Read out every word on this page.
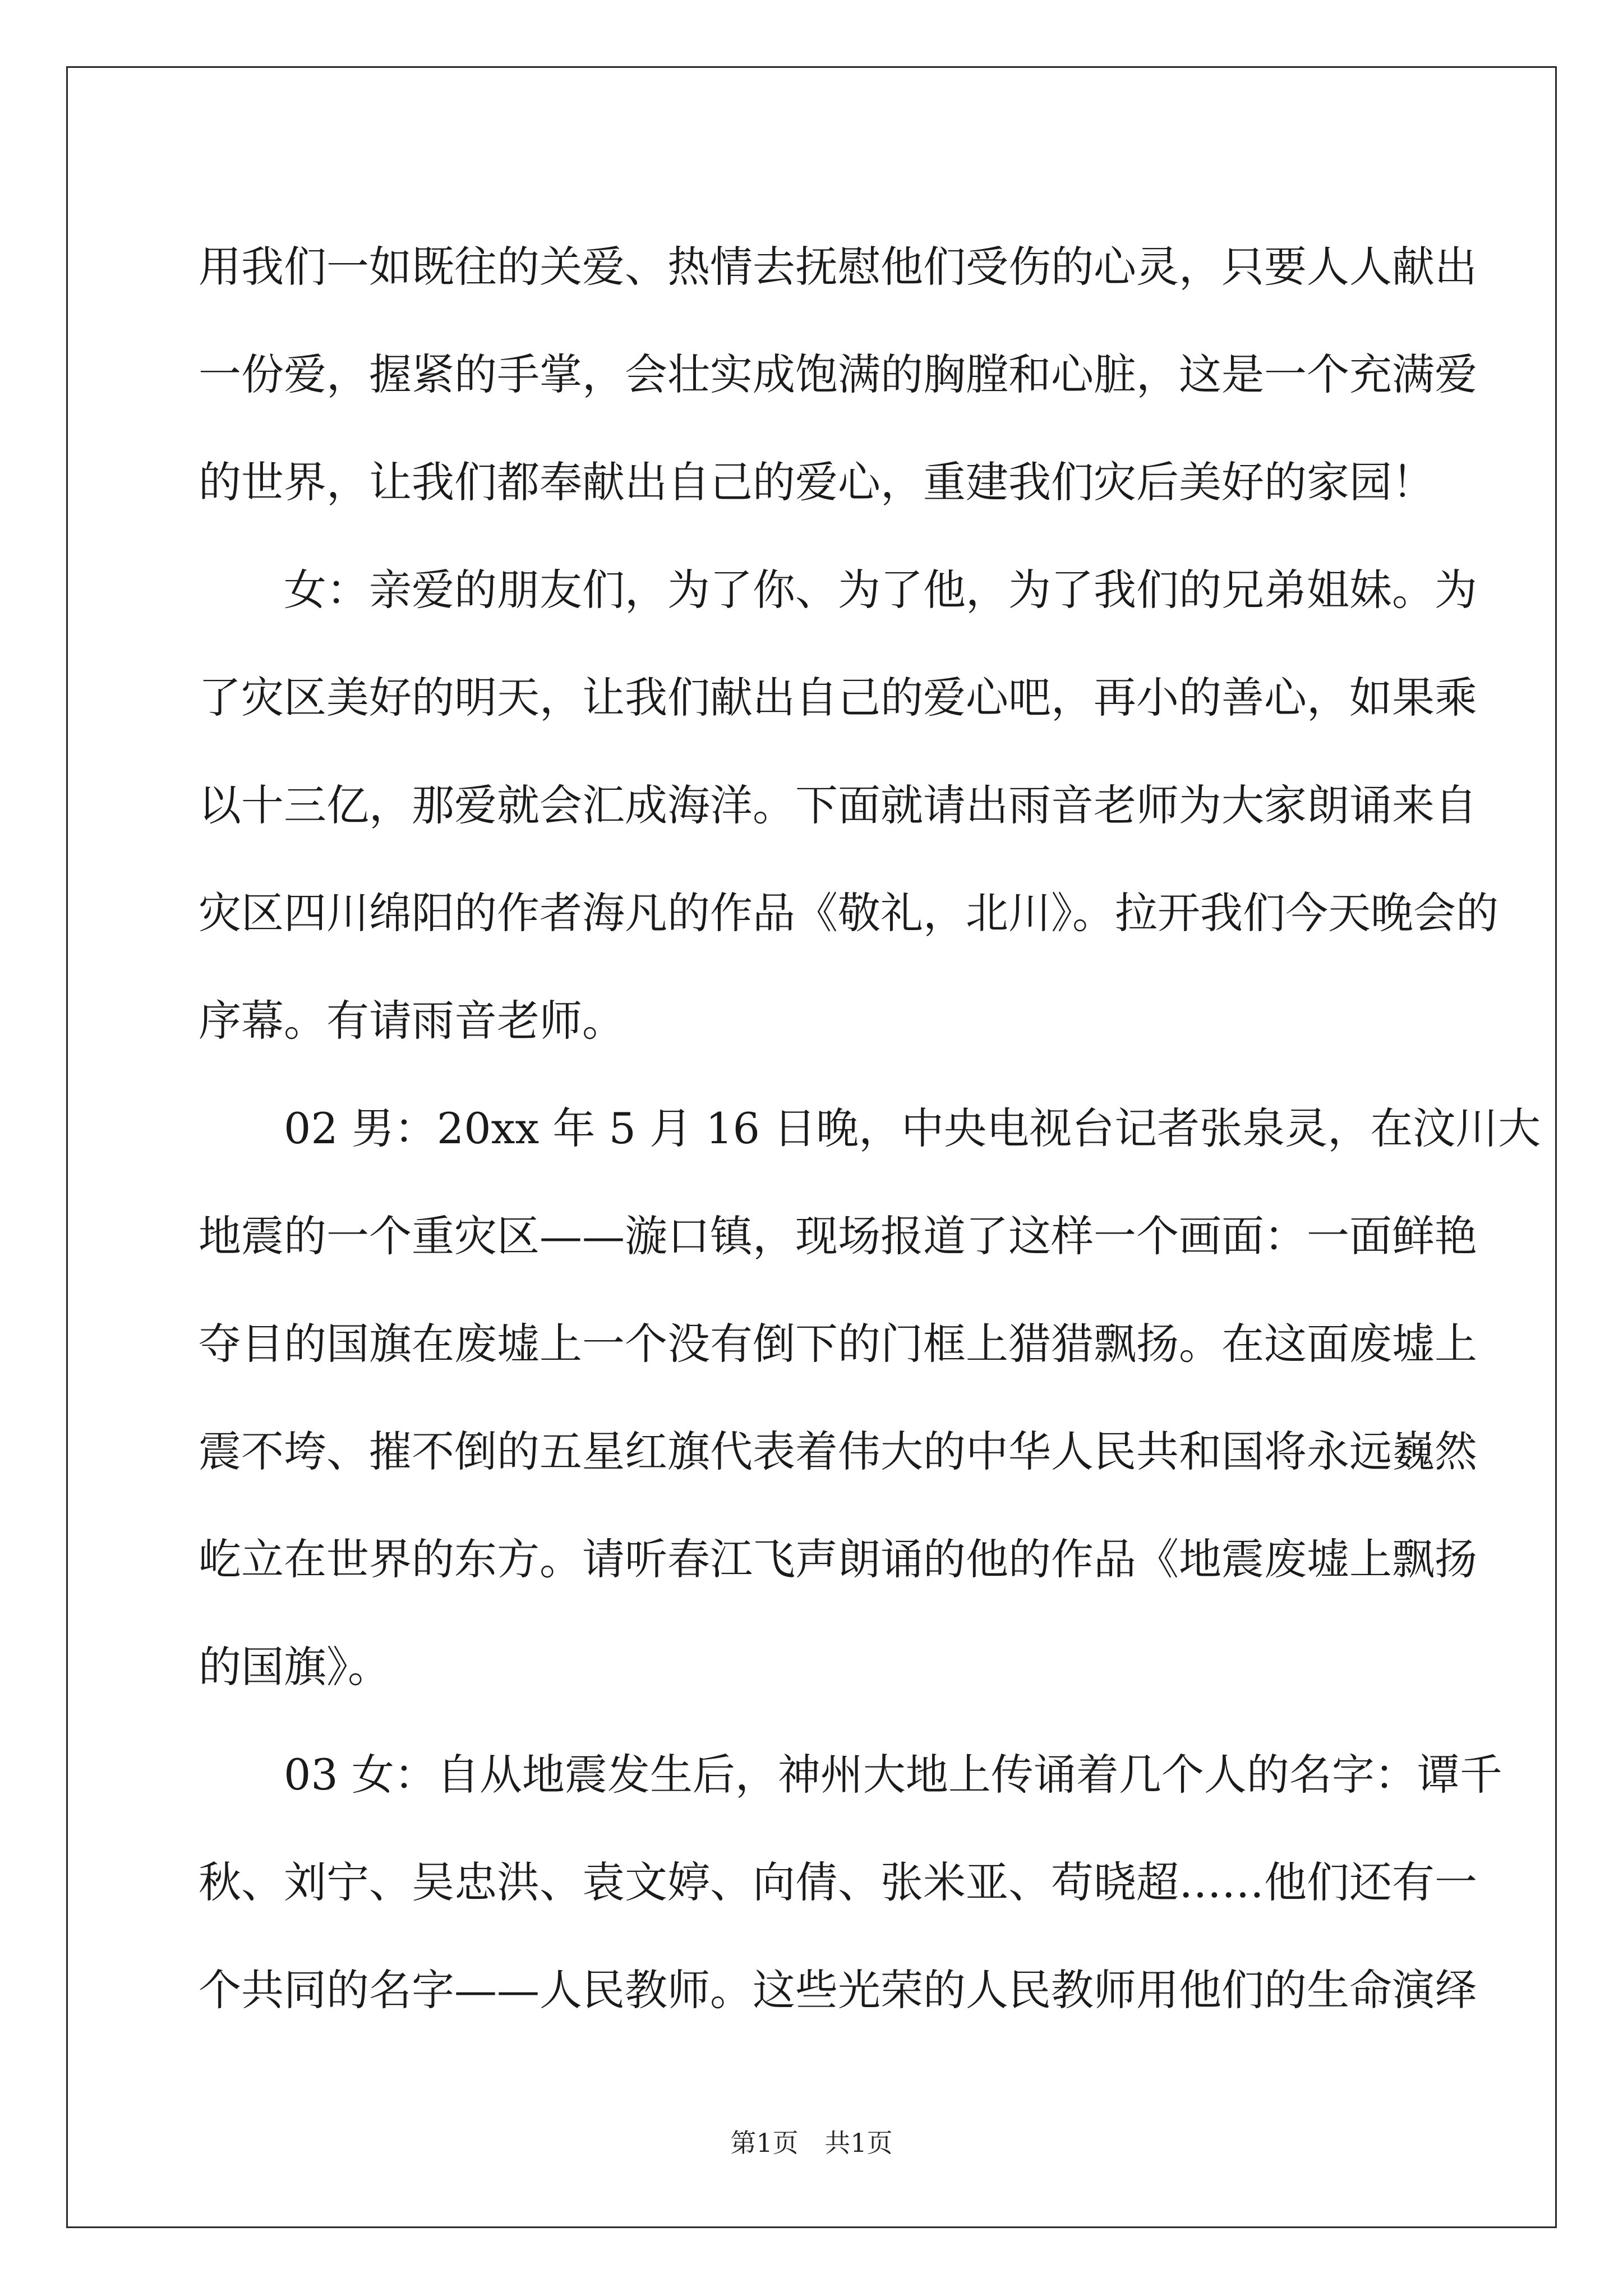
用我们一如既往的关爱、热情去抚慰他们受伤的心灵，只要人人献出
一份爱，握紧的手掌，会壮实成饱满的胸膛和心脏，这是一个充满爱
的世界，让我们都奉献出自己的爱心，重建我们灾后美好的家园！
女：亲爱的朋友们，为了你、为了他，为了我们的兄弟姐妹。为
了灾区美好的明天，让我们献出自己的爱心吧，再小的善心，如果乘
以十三亿，那爱就会汇成海洋。下面就请出雨音老师为大家朗诵来自
灾区四川绵阳的作者海凡的作品《敬礼，北川》。拉开我们今天晚会的
序幕。有请雨音老师。
02 男：20xx 年 5 月 16 日晚，中央电视台记者张泉灵，在汶川大
地震的一个重灾区——漩口镇，现场报道了这样一个画面：一面鲜艳
夺目的国旗在废墟上一个没有倒下的门框上猎猎飘扬。在这面废墟上
震不垮、摧不倒的五星红旗代表着伟大的中华人民共和国将永远巍然
屹立在世界的东方。请听春江飞声朗诵的他的作品《地震废墟上飘扬
的国旗》。
03 女：自从地震发生后，神州大地上传诵着几个人的名字：谭千
秋、刘宁、吴忠洪、袁文婷、向倩、张米亚、苟晓超……他们还有一
个共同的名字——人民教师。这些光荣的人民教师用他们的生命演绎
第1页 共1页
